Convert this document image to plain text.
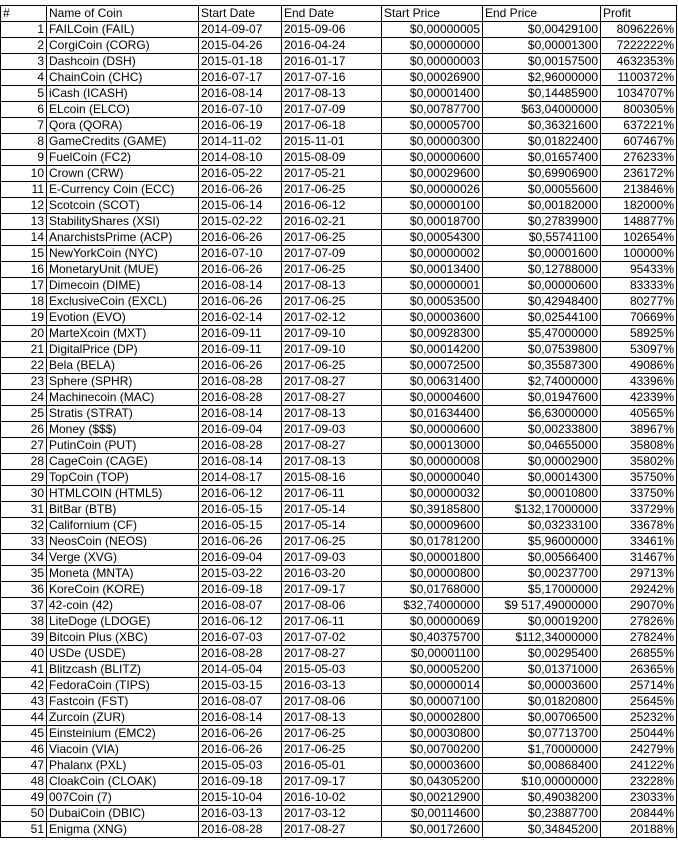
#	Name of Coin	Start Date	End Date	Start Price	End Price	Profit
1	FAILCoin (FAIL)	2014-09-07	2015-09-06	$0,00000005	$0,00429100	8096226%
2	CorgiCoin (CORG)	2015-04-26	2016-04-24	$0,00000000	$0,00001300	7222222%
3	Dashcoin (DSH)	2015-01-18	2016-01-17	$0,00000003	$0,00157500	4632353%
4	ChainCoin (CHC)	2016-07-17	2017-07-16	$0,00026900	$2,96000000	1100372%
5	iCash (ICASH)	2016-08-14	2017-08-13	$0,00001400	$0,14485900	1034707%
6	ELcoin (ELCO)	2016-07-10	2017-07-09	$0,00787700	$63,04000000	800305%
7	Qora (QORA)	2016-06-19	2017-06-18	$0,00005700	$0,36321600	637221%
8	GameCredits (GAME)	2014-11-02	2015-11-01	$0,00000300	$0,01822400	607467%
9	FuelCoin (FC2)	2014-08-10	2015-08-09	$0,00000600	$0,01657400	276233%
10	Crown (CRW)	2016-05-22	2017-05-21	$0,00029600	$0,69906900	236172%
11	E-Currency Coin (ECC)	2016-06-26	2017-06-25	$0,00000026	$0,00055600	213846%
12	Scotcoin (SCOT)	2015-06-14	2016-06-12	$0,00000100	$0,00182000	182000%
13	StabilityShares (XSI)	2015-02-22	2016-02-21	$0,00018700	$0,27839900	148877%
14	AnarchistsPrime (ACP)	2016-06-26	2017-06-25	$0,00054300	$0,55741100	102654%
15	NewYorkCoin (NYC)	2016-07-10	2017-07-09	$0,00000002	$0,00001600	100000%
16	MonetaryUnit (MUE)	2016-06-26	2017-06-25	$0,00013400	$0,12788000	95433%
17	Dimecoin (DIME)	2016-08-14	2017-08-13	$0,00000001	$0,00000600	83333%
18	ExclusiveCoin (EXCL)	2016-06-26	2017-06-25	$0,00053500	$0,42948400	80277%
19	Evotion (EVO)	2016-02-14	2017-02-12	$0,00003600	$0,02544100	70669%
20	MarteXcoin (MXT)	2016-09-11	2017-09-10	$0,00928300	$5,47000000	58925%
21	DigitalPrice (DP)	2016-09-11	2017-09-10	$0,00014200	$0,07539800	53097%
22	Bela (BELA)	2016-06-26	2017-06-25	$0,00072500	$0,35587300	49086%
23	Sphere (SPHR)	2016-08-28	2017-08-27	$0,00631400	$2,74000000	43396%
24	Machinecoin (MAC)	2016-08-28	2017-08-27	$0,00004600	$0,01947600	42339%
25	Stratis (STRAT)	2016-08-14	2017-08-13	$0,01634400	$6,63000000	40565%
26	Money ($$$)	2016-09-04	2017-09-03	$0,00000600	$0,00233800	38967%
27	PutinCoin (PUT)	2016-08-28	2017-08-27	$0,00013000	$0,04655000	35808%
28	CageCoin (CAGE)	2016-08-14	2017-08-13	$0,00000008	$0,00002900	35802%
29	TopCoin (TOP)	2014-08-17	2015-08-16	$0,00000040	$0,00014300	35750%
30	HTMLCOIN (HTML5)	2016-06-12	2017-06-11	$0,00000032	$0,00010800	33750%
31	BitBar (BTB)	2016-05-15	2017-05-14	$0,39185800	$132,17000000	33729%
32	Californium (CF)	2016-05-15	2017-05-14	$0,00009600	$0,03233100	33678%
33	NeosCoin (NEOS)	2016-06-26	2017-06-25	$0,01781200	$5,96000000	33461%
34	Verge (XVG)	2016-09-04	2017-09-03	$0,00001800	$0,00566400	31467%
35	Moneta (MNTA)	2015-03-22	2016-03-20	$0,00000800	$0,00237700	29713%
36	KoreCoin (KORE)	2016-09-18	2017-09-17	$0,01768000	$5,17000000	29242%
37	42-coin (42)	2016-08-07	2017-08-06	$32,74000000	$9 517,49000000	29070%
38	LiteDoge (LDOGE)	2016-06-12	2017-06-11	$0,00000069	$0,00019200	27826%
39	Bitcoin Plus (XBC)	2016-07-03	2017-07-02	$0,40375700	$112,34000000	27824%
40	USDe (USDE)	2016-08-28	2017-08-27	$0,00001100	$0,00295400	26855%
41	Blitzcash (BLITZ)	2014-05-04	2015-05-03	$0,00005200	$0,01371000	26365%
42	FedoraCoin (TIPS)	2015-03-15	2016-03-13	$0,00000014	$0,00003600	25714%
43	Fastcoin (FST)	2016-08-07	2017-08-06	$0,00007100	$0,01820800	25645%
44	Zurcoin (ZUR)	2016-08-14	2017-08-13	$0,00002800	$0,00706500	25232%
45	Einsteinium (EMC2)	2016-06-26	2017-06-25	$0,00030800	$0,07713700	25044%
46	Viacoin (VIA)	2016-06-26	2017-06-25	$0,00700200	$1,70000000	24279%
47	Phalanx (PXL)	2015-05-03	2016-05-01	$0,00003600	$0,00868400	24122%
48	CloakCoin (CLOAK)	2016-09-18	2017-09-17	$0,04305200	$10,00000000	23228%
49	007Coin (7)	2015-10-04	2016-10-02	$0,00212900	$0,49038200	23033%
50	DubaiCoin (DBIC)	2016-03-13	2017-03-12	$0,00114600	$0,23887700	20844%
51	Enigma (XNG)	2016-08-28	2017-08-27	$0,00172600	$0,34845200	20188%
